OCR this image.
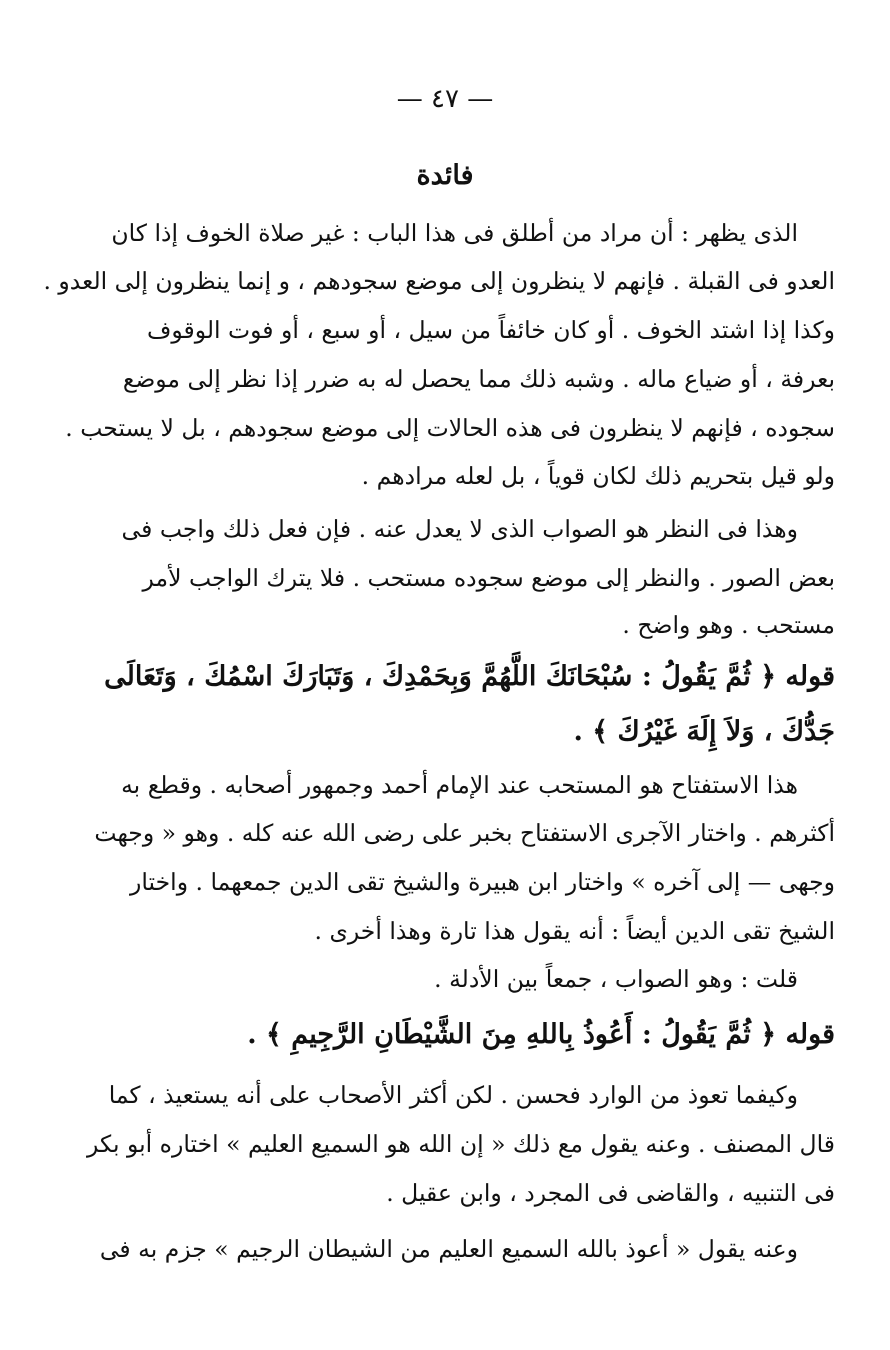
— ٤٧ —
فائدة
الذى يظهر : أن مراد من أطلق فى هذا الباب : غير صلاة الخوف إذا كان
العدو فى القبلة . فإنهم لا ينظرون إلى موضع سجودهم ، و إنما ينظرون إلى العدو .
وكذا إذا اشتد الخوف . أو كان خائفاً من سيل ، أو سبع ، أو فوت الوقوف
بعرفة ، أو ضياع ماله . وشبه ذلك مما يحصل له به ضرر إذا نظر إلى موضع
سجوده ، فإنهم لا ينظرون فى هذه الحالات إلى موضع سجودهم ، بل لا يستحب .
ولو قيل بتحريم ذلك لكان قوياً ، بل لعله مرادهم .
وهذا فى النظر هو الصواب الذى لا يعدل عنه . فإن فعل ذلك واجب فى
بعض الصور . والنظر إلى موضع سجوده مستحب . فلا يترك الواجب لأمر
مستحب . وهو واضح .
قوله ﴿ ثُمَّ يَقُولُ : سُبْحَانَكَ اللَّهُمَّ وَبِحَمْدِكَ ، وَتَبَارَكَ اسْمُكَ ، وَتَعَالَى
جَدُّكَ ، وَلاَ إِلَهَ غَيْرُكَ ﴾ .
هذا الاستفتاح هو المستحب عند الإمام أحمد وجمهور أصحابه . وقطع به
أكثرهم . واختار الآجرى الاستفتاح بخبر على رضى الله عنه كله . وهو « وجهت
وجهى — إلى آخره » واختار ابن هبيرة والشيخ تقى الدين جمعهما . واختار
الشيخ تقى الدين أيضاً : أنه يقول هذا تارة وهذا أخرى .
قلت : وهو الصواب ، جمعاً بين الأدلة .
قوله ﴿ ثُمَّ يَقُولُ : أَعُوذُ بِاللهِ مِنَ الشَّيْطَانِ الرَّجِيمِ ﴾ .
وكيفما تعوذ من الوارد فحسن . لكن أكثر الأصحاب على أنه يستعيذ ، كما
قال المصنف . وعنه يقول مع ذلك « إن الله هو السميع العليم » اختاره أبو بكر
فى التنبيه ، والقاضى فى المجرد ، وابن عقيل .
وعنه يقول « أعوذ بالله السميع العليم من الشيطان الرجيم » جزم به فى
